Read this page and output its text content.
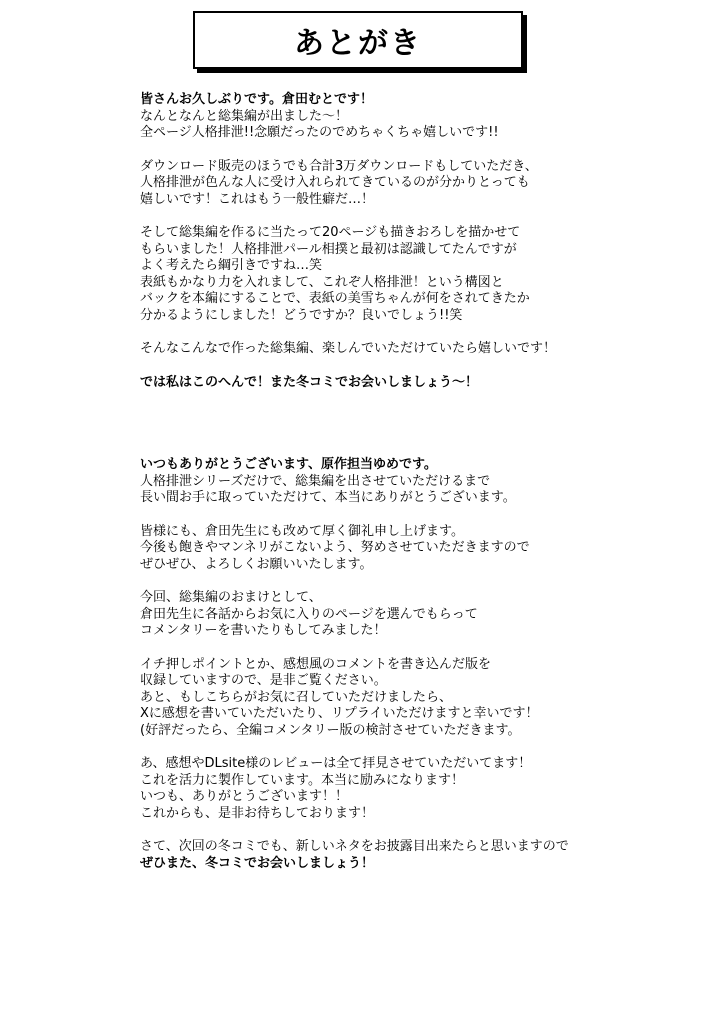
あとがき
皆さんお久しぶりです。倉田むとです！
なんとなんと総集編が出ました～！
全ページ人格排泄!!念願だったのでめちゃくちゃ嬉しいです!!
ダウンロード販売のほうでも合計3万ダウンロードもしていただき、
人格排泄が色んな人に受け入れられてきているのが分かりとっても
嬉しいです！これはもう一般性癖だ…！
そして総集編を作るに当たって20ページも描きおろしを描かせて
もらいました！人格排泄パール相撲と最初は認識してたんですが
よく考えたら綱引きですね…笑
表紙もかなり力を入れまして、これぞ人格排泄！という構図と
バックを本編にすることで、表紙の美雪ちゃんが何をされてきたか
分かるようにしました！どうですか？良いでしょう!!笑
そんなこんなで作った総集編、楽しんでいただけていたら嬉しいです！
では私はこのへんで！また冬コミでお会いしましょう～！
いつもありがとうございます、原作担当ゆめです。
人格排泄シリーズだけで、総集編を出させていただけるまで
長い間お手に取っていただけて、本当にありがとうございます。
皆様にも、倉田先生にも改めて厚く御礼申し上げます。
今後も飽きやマンネリがこないよう、努めさせていただきますので
ぜひぜひ、よろしくお願いいたします。
今回、総集編のおまけとして、
倉田先生に各話からお気に入りのページを選んでもらって
コメンタリーを書いたりもしてみました！
イチ押しポイントとか、感想風のコメントを書き込んだ版を
収録していますので、是非ご覧ください。
あと、もしこちらがお気に召していただけましたら、
Xに感想を書いていただいたり、リプライいただけますと幸いです！
(好評だったら、全編コメンタリー版の検討させていただきます。
あ、感想やDLsite様のレビューは全て拝見させていただいてます！
これを活力に製作しています。本当に励みになります！
いつも、ありがとうございます！！
これからも、是非お待ちしております！
さて、次回の冬コミでも、新しいネタをお披露目出来たらと思いますので
ぜひまた、冬コミでお会いしましょう！
